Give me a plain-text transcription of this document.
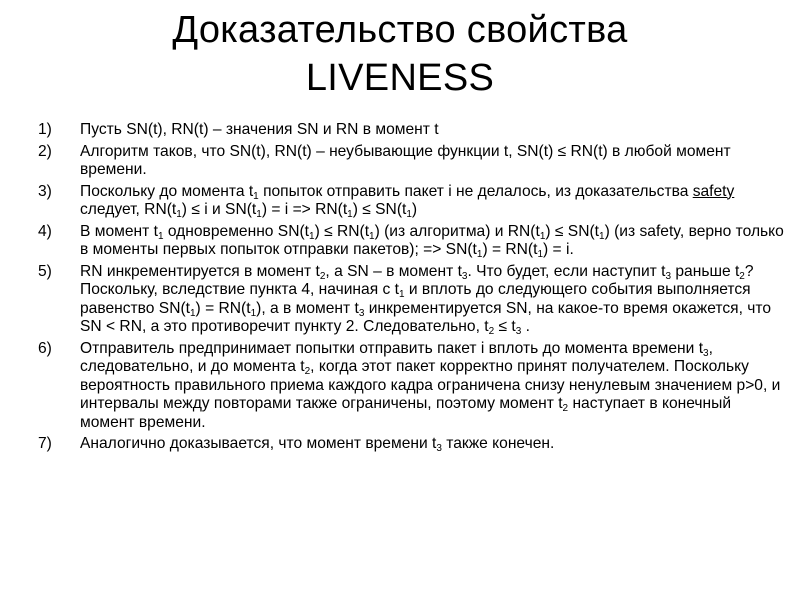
Доказательство свойства
LIVENESS
1) Пусть SN(t), RN(t) – значения SN и RN в момент t
2) Алгоритм таков, что SN(t), RN(t) – неубывающие функции t, SN(t) ≤ RN(t) в любой момент времени.
3) Поскольку до момента $t_1$ попыток отправить пакет i не делалось, из доказательства safety следует, $RN(t_1) \le i$ и $SN(t_1) = i => RN(t_1) \le SN(t_1)$
4) В момент $t_1$ одновременно $SN(t_1) \le RN(t_1)$ (из алгоритма) и $RN(t_1) \le SN(t_1)$ (из safety, верно только в моменты первых попыток отправки пакетов); => $SN(t_1) = RN(t_1) = i$.
5) RN инкрементируется в момент $t_2$, а SN – в момент $t_3$. Что будет, если наступит $t_3$ раньше $t_2$? Поскольку, вследствие пункта 4, начиная с $t_1$ и вплоть до следующего события выполняется равенство $SN(t_1) = RN(t_1)$, а в момент $t_3$ инкрементируется SN, на какое-то время окажется, что SN < RN, а это противоречит пункту 2. Следовательно, $t_2 \le t_3$ .
6) Отправитель предпринимает попытки отправить пакет i вплоть до момента времени $t_3$, следовательно, и до момента $t_2$, когда этот пакет корректно принят получателем. Поскольку вероятность правильного приема каждого кадра ограничена снизу ненулевым значением p>0, и интервалы между повторами также ограничены, поэтому момент $t_2$ наступает в конечный момент времени.
7) Аналогично доказывается, что момент времени $t_3$ также конечен.
